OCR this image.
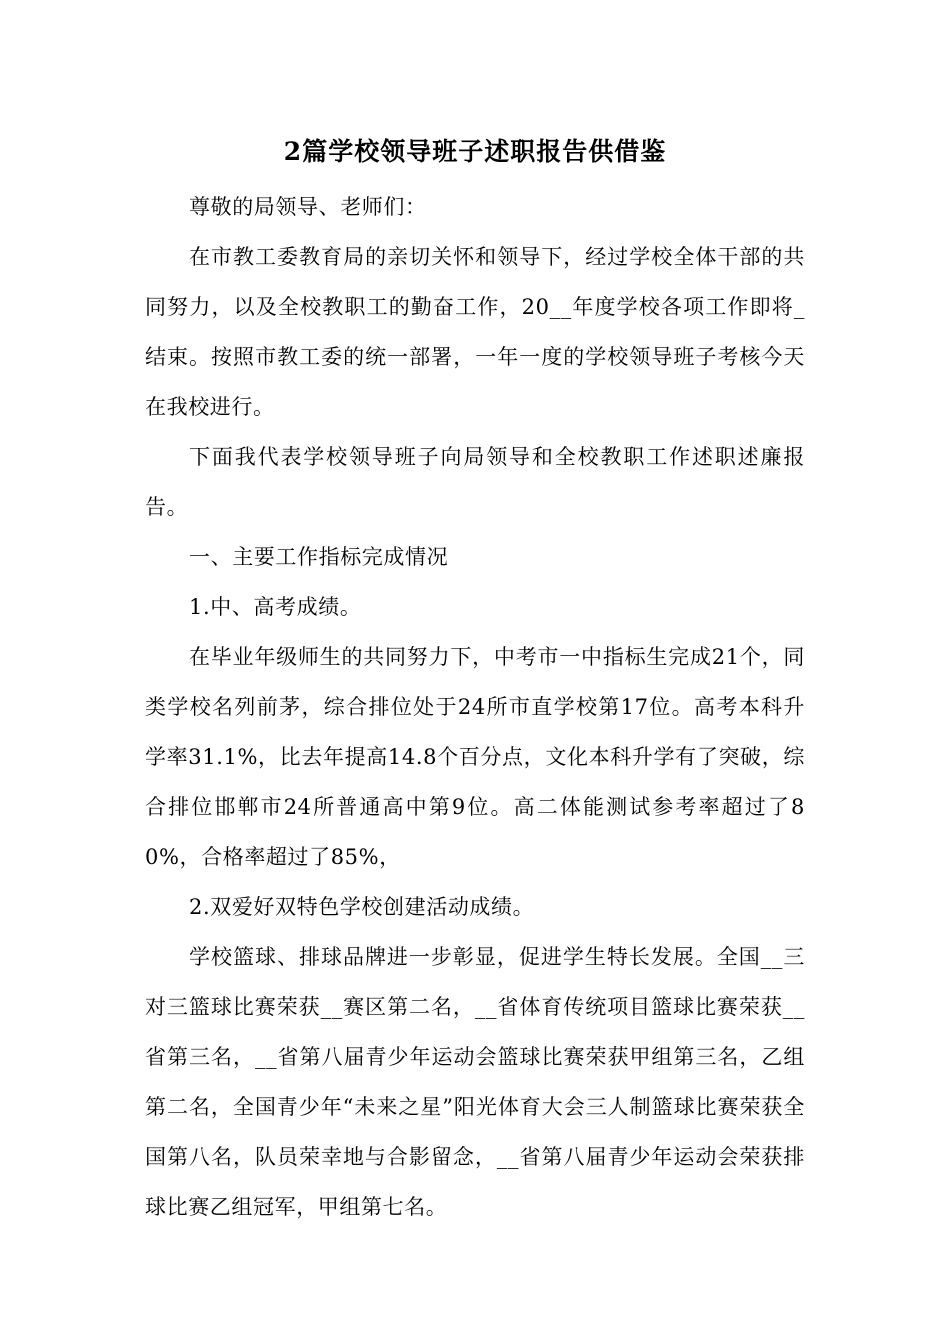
2篇学校领导班子述职报告供借鉴

尊敬的局领导、老师们：

在市教工委教育局的亲切关怀和领导下，经过学校全体干部的共同努力，以及全校教职工的勤奋工作，20__年度学校各项工作即将_结束。按照市教工委的统一部署，一年一度的学校领导班子考核今天在我校进行。

下面我代表学校领导班子向局领导和全校教职工作述职述廉报告。

一、主要工作指标完成情况

1.中、高考成绩。

在毕业年级师生的共同努力下，中考市一中指标生完成21个，同类学校名列前茅，综合排位处于24所市直学校第17位。高考本科升学率31.1%，比去年提高14.8个百分点，文化本科升学有了突破，综合排位邯郸市24所普通高中第9位。高二体能测试参考率超过了80%，合格率超过了85%，

2.双爱好双特色学校创建活动成绩。

学校篮球、排球品牌进一步彰显，促进学生特长发展。全国__三对三篮球比赛荣获__赛区第二名，__省体育传统项目篮球比赛荣获__省第三名，__省第八届青少年运动会篮球比赛荣获甲组第三名，乙组第二名，全国青少年“未来之星”阳光体育大会三人制篮球比赛荣获全国第八名，队员荣幸地与合影留念，__省第八届青少年运动会荣获排球比赛乙组冠军，甲组第七名。
